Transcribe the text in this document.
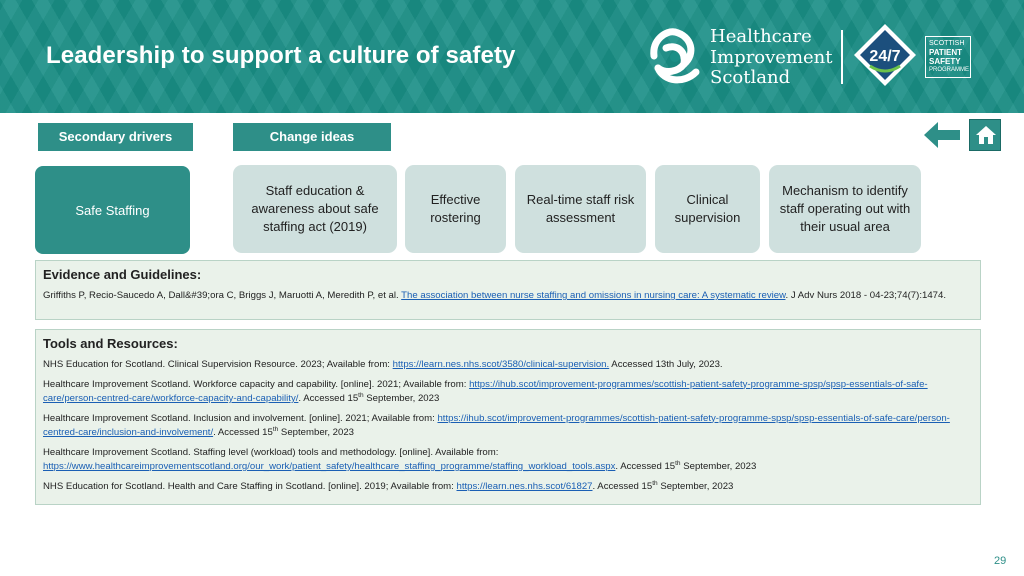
Leadership to support a culture of safety
Healthcare
Improvement
Scotland
24/7
SCOTTISH
PATIENT
SAFETY
PROGRAMME
Secondary drivers	Change ideas
Safe Staffing
Staff education & awareness about safe staffing act (2019)
Effective rostering
Real-time staff risk assessment
Clinical supervision
Mechanism to identify staff operating out with their usual area
Evidence and Guidelines:
Griffiths P, Recio-Saucedo A, Dall&#39;ora C, Briggs J, Maruotti A, Meredith P, et al. The association between nurse staffing and omissions in nursing care: A systematic review. J Adv Nurs 2018 - 04-23;74(7):1474.
Tools and Resources:
NHS Education for Scotland. Clinical Supervision Resource. 2023; Available from: https://learn.nes.nhs.scot/3580/clinical-supervision. Accessed 13th July, 2023.
Healthcare Improvement Scotland. Workforce capacity and capability. [online]. 2021; Available from: https://ihub.scot/improvement-programmes/scottish-patient-safety-programme-spsp/spsp-essentials-of-safe-care/person-centred-care/workforce-capacity-and-capability/. Accessed 15th September, 2023
Healthcare Improvement Scotland. Inclusion and involvement. [online]. 2021; Available from: https://ihub.scot/improvement-programmes/scottish-patient-safety-programme-spsp/spsp-essentials-of-safe-care/person-centred-care/inclusion-and-involvement/. Accessed 15th September, 2023
Healthcare Improvement Scotland. Staffing level (workload) tools and methodology. [online]. Available from: https://www.healthcareimprovementscotland.org/our_work/patient_safety/healthcare_staffing_programme/staffing_workload_tools.aspx. Accessed 15th September, 2023
NHS Education for Scotland. Health and Care Staffing in Scotland. [online]. 2019; Available from: https://learn.nes.nhs.scot/61827. Accessed 15th September, 2023
29
